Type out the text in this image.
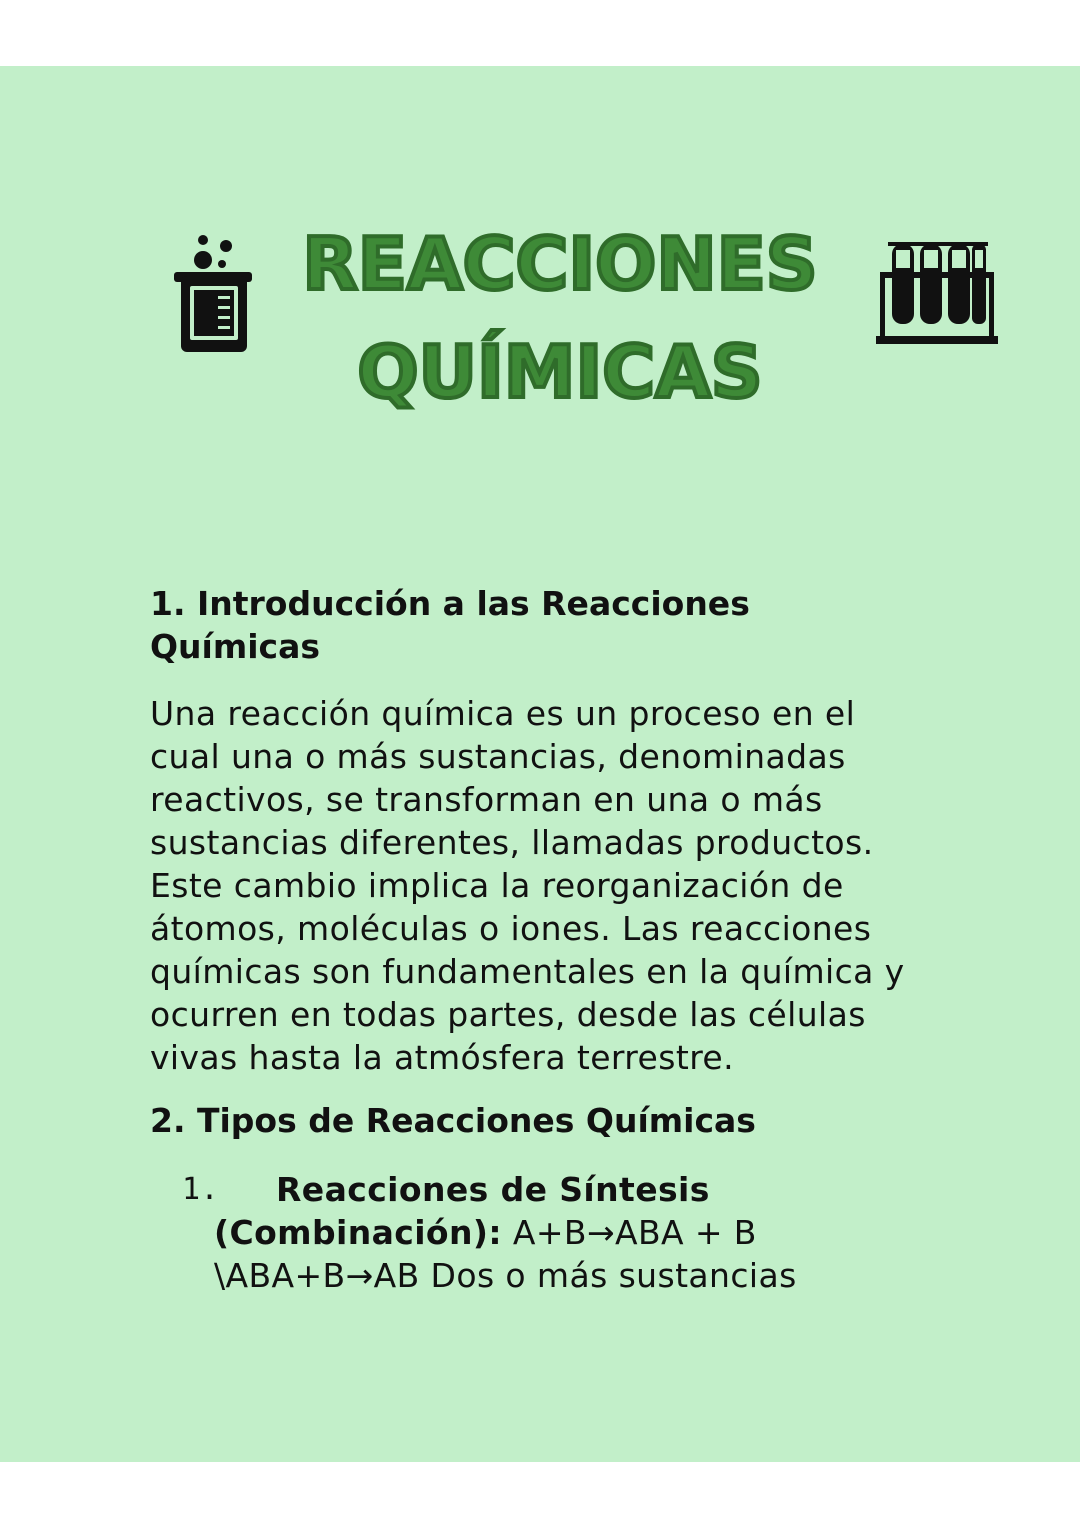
REACCIONES
QUÍMICAS
1. Introducción a las Reacciones Químicas

Una reacción química es un proceso en el cual una o más sustancias, denominadas reactivos, se transforman en una o más sustancias diferentes, llamadas productos. Este cambio implica la reorganización de átomos, moléculas o iones. Las reacciones químicas son fundamentales en la química y ocurren en todas partes, desde las células vivas hasta la atmósfera terrestre.

2. Tipos de Reacciones Químicas
1. Reacciones de Síntesis
(Combinación): A+B→ABA + B \ABA+B→AB Dos o más sustancias
